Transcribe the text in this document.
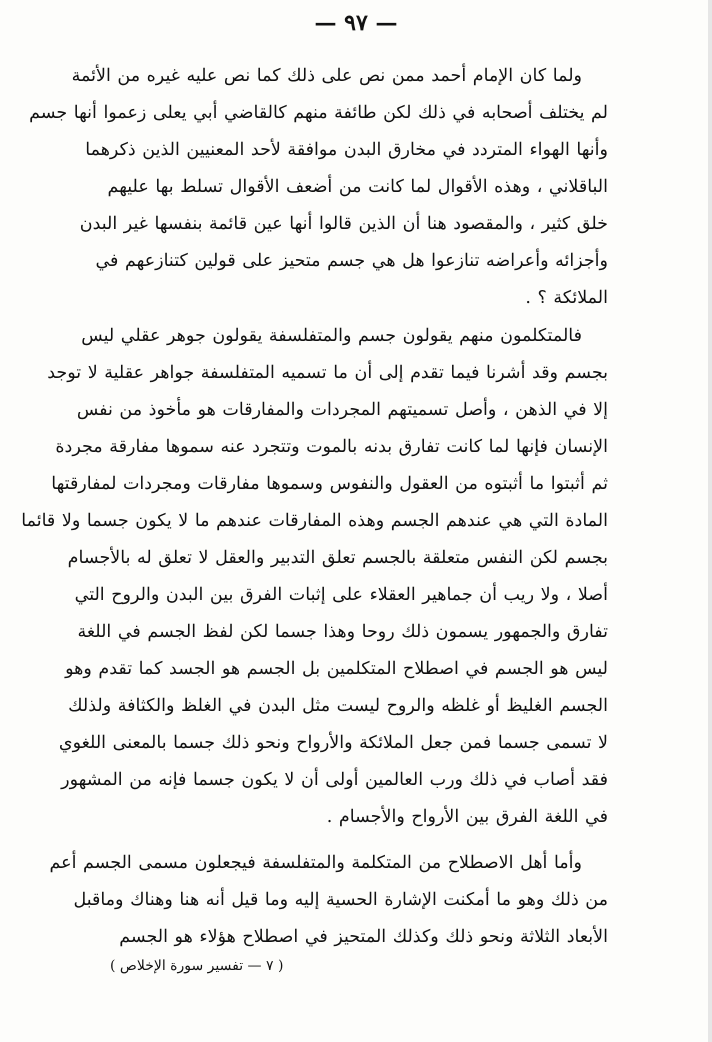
— ٩٧ —
ولما كان الإمام أحمد ممن نص على ذلك كما نص عليه غيره من الأئمة
لم يختلف أصحابه في ذلك لكن طائفة منهم كالقاضي أبي يعلى زعموا أنها جسم
وأنها الهواء المتردد في مخارق البدن موافقة لأحد المعنيين الذين ذكرهما
الباقلاني ، وهذه الأقوال لما كانت من أضعف الأقوال تسلط بها عليهم
خلق كثير ، والمقصود هنا أن الذين قالوا أنها عين قائمة بنفسها غير البدن
وأجزائه وأعراضه تنازعوا هل هي جسم متحيز على قولين كتنازعهم في
الملائكة ؟ .
فالمتكلمون منهم يقولون جسم والمتفلسفة يقولون جوهر عقلي ليس
بجسم وقد أشرنا فيما تقدم إلى أن ما تسميه المتفلسفة جواهر عقلية لا توجد
إلا في الذهن ، وأصل تسميتهم المجردات والمفارقات هو مأخوذ من نفس
الإنسان فإنها لما كانت تفارق بدنه بالموت وتتجرد عنه سموها مفارقة مجردة
ثم أثبتوا ما أثبتوه من العقول والنفوس وسموها مفارقات ومجردات لمفارقتها
المادة التي هي عندهم الجسم وهذه المفارقات عندهم ما لا يكون جسما ولا قائما
بجسم لكن النفس متعلقة بالجسم تعلق التدبير والعقل لا تعلق له بالأجسام
أصلا ، ولا ريب أن جماهير العقلاء على إثبات الفرق بين البدن والروح التي
تفارق والجمهور يسمون ذلك روحا وهذا جسما لكن لفظ الجسم في اللغة
ليس هو الجسم في اصطلاح المتكلمين بل الجسم هو الجسد كما تقدم وهو
الجسم الغليظ أو غلظه والروح ليست مثل البدن في الغلظ والكثافة ولذلك
لا تسمى جسما فمن جعل الملائكة والأرواح ونحو ذلك جسما بالمعنى اللغوي
فقد أصاب في ذلك ورب العالمين أولى أن لا يكون جسما فإنه من المشهور
في اللغة الفرق بين الأرواح والأجسام .
وأما أهل الاصطلاح من المتكلمة والمتفلسفة فيجعلون مسمى الجسم أعم
من ذلك وهو ما أمكنت الإشارة الحسية إليه وما قيل أنه هنا وهناك وماقبل
الأبعاد الثلاثة ونحو ذلك وكذلك المتحيز في اصطلاح هؤلاء هو الجسم
( ٧ — تفسير سورة الإخلاص )
